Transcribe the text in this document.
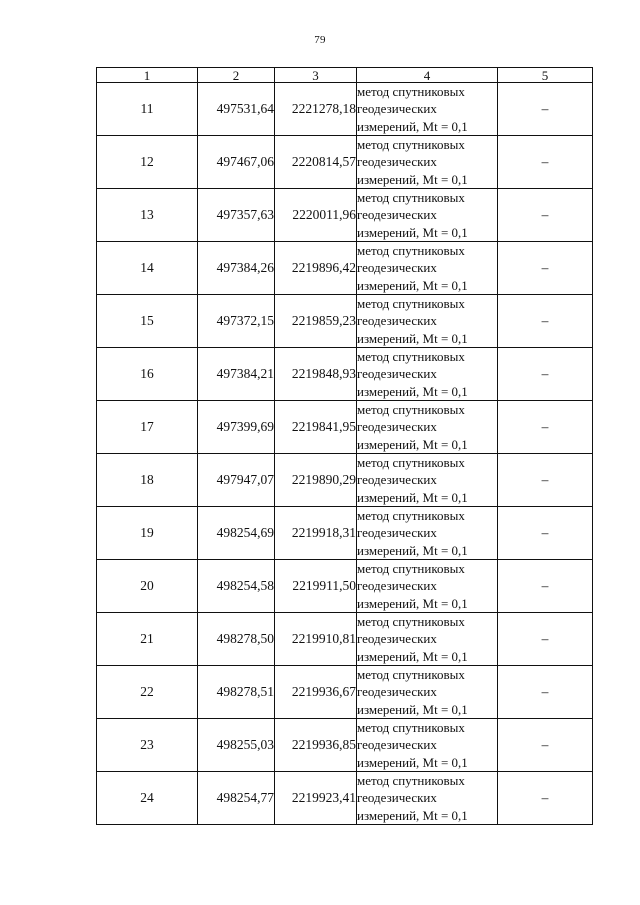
79
1	2	3	4	5
11	497531,64	2221278,18	метод спутниковых
геодезических
измерений, Mt = 0,1	–
12	497467,06	2220814,57	метод спутниковых
геодезических
измерений, Mt = 0,1	–
13	497357,63	2220011,96	метод спутниковых
геодезических
измерений, Mt = 0,1	–
14	497384,26	2219896,42	метод спутниковых
геодезических
измерений, Mt = 0,1	–
15	497372,15	2219859,23	метод спутниковых
геодезических
измерений, Mt = 0,1	–
16	497384,21	2219848,93	метод спутниковых
геодезических
измерений, Mt = 0,1	–
17	497399,69	2219841,95	метод спутниковых
геодезических
измерений, Mt = 0,1	–
18	497947,07	2219890,29	метод спутниковых
геодезических
измерений, Mt = 0,1	–
19	498254,69	2219918,31	метод спутниковых
геодезических
измерений, Mt = 0,1	–
20	498254,58	2219911,50	метод спутниковых
геодезических
измерений, Mt = 0,1	–
21	498278,50	2219910,81	метод спутниковых
геодезических
измерений, Mt = 0,1	–
22	498278,51	2219936,67	метод спутниковых
геодезических
измерений, Mt = 0,1	–
23	498255,03	2219936,85	метод спутниковых
геодезических
измерений, Mt = 0,1	–
24	498254,77	2219923,41	метод спутниковых
геодезических
измерений, Mt = 0,1	–
